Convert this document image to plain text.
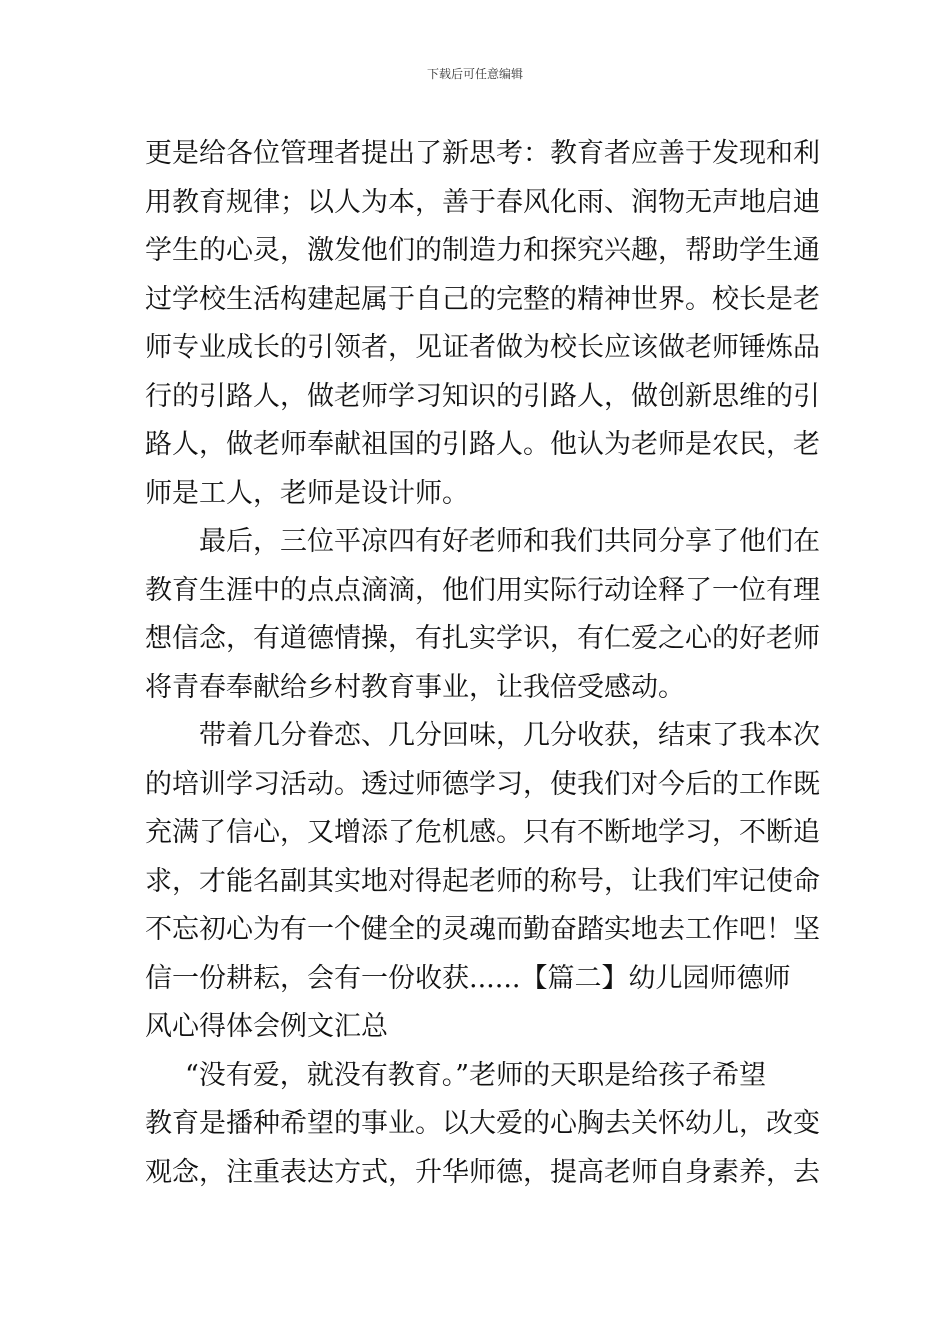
下载后可任意编辑
更是给各位管理者提出了新思考：教育者应善于发现和利
用教育规律；以人为本，善于春风化雨、润物无声地启迪
学生的心灵，激发他们的制造力和探究兴趣，帮助学生通
过学校生活构建起属于自己的完整的精神世界。校长是老
师专业成长的引领者，见证者做为校长应该做老师锤炼品
行的引路人，做老师学习知识的引路人，做创新思维的引
路人，做老师奉献祖国的引路人。他认为老师是农民，老
师是工人，老师是设计师。
最后，三位平凉四有好老师和我们共同分享了他们在
教育生涯中的点点滴滴，他们用实际行动诠释了一位有理
想信念，有道德情操，有扎实学识，有仁爱之心的好老师
将青春奉献给乡村教育事业，让我倍受感动。
带着几分眷恋、几分回味，几分收获，结束了我本次
的培训学习活动。透过师德学习，使我们对今后的工作既
充满了信心，又增添了危机感。只有不断地学习，不断追
求，才能名副其实地对得起老师的称号，让我们牢记使命
不忘初心为有一个健全的灵魂而勤奋踏实地去工作吧！坚
信一份耕耘，会有一份收获......【篇二】幼儿园师德师
风心得体会例文汇总
“没有爱，就没有教育。”老师的天职是给孩子希望
教育是播种希望的事业。以大爱的心胸去关怀幼儿，改变
观念，注重表达方式，升华师德，提高老师自身素养，去
